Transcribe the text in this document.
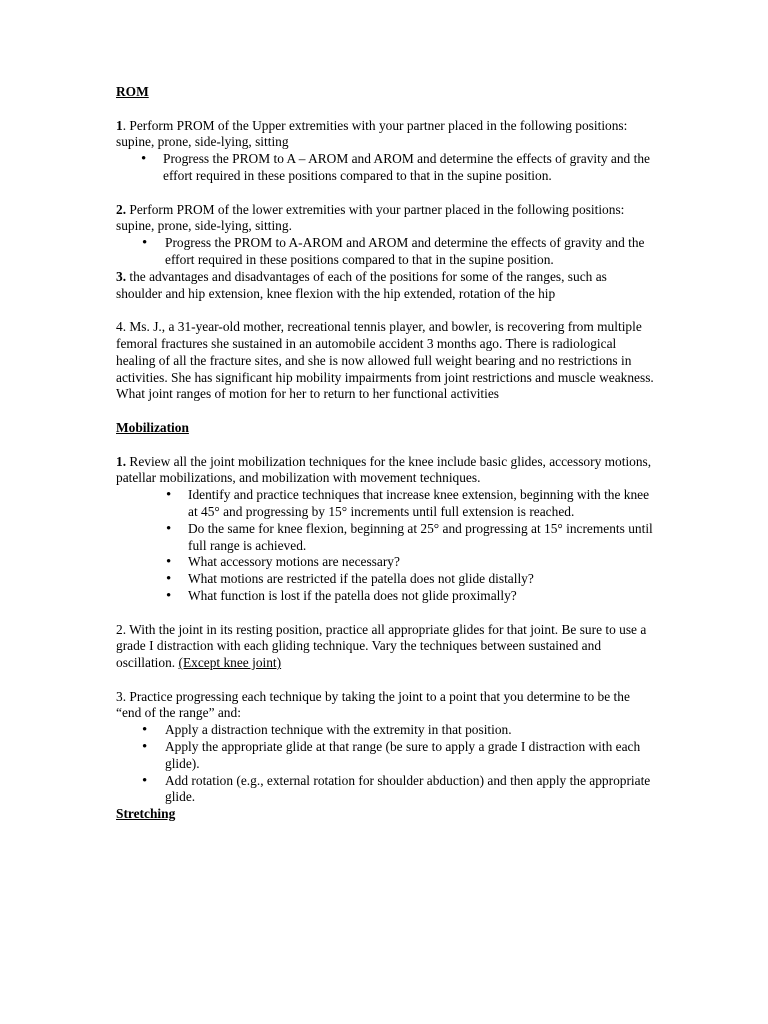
ROM

1. Perform PROM of the Upper extremities with your partner placed in the following positions: supine, prone, side-lying, sitting

• Progress the PROM to A – AROM and AROM and determine the effects of gravity and the effort required in these positions compared to that in the supine position.

2. Perform PROM of the lower extremities with your partner placed in the following positions: supine, prone, side-lying, sitting.

• Progress the PROM to A-AROM and AROM and determine the effects of gravity and the effort required in these positions compared to that in the supine position.

3. the advantages and disadvantages of each of the positions for some of the ranges, such as shoulder and hip extension, knee flexion with the hip extended, rotation of the hip

4. Ms. J., a 31-year-old mother, recreational tennis player, and bowler, is recovering from multiple femoral fractures she sustained in an automobile accident 3 months ago. There is radiological healing of all the fracture sites, and she is now allowed full weight bearing and no restrictions in activities. She has significant hip mobility impairments from joint restrictions and muscle weakness. What joint ranges of motion for her to return to her functional activities

Mobilization

1. Review all the joint mobilization techniques for the knee include basic glides, accessory motions, patellar mobilizations, and mobilization with movement techniques.

• Identify and practice techniques that increase knee extension, beginning with the knee at 45° and progressing by 15° increments until full extension is reached.
• Do the same for knee flexion, beginning at 25° and progressing at 15° increments until full range is achieved.
• What accessory motions are necessary?
• What motions are restricted if the patella does not glide distally?
• What function is lost if the patella does not glide proximally?

2. With the joint in its resting position, practice all appropriate glides for that joint. Be sure to use a grade I distraction with each gliding technique. Vary the techniques between sustained and oscillation. (Except knee joint)

3. Practice progressing each technique by taking the joint to a point that you determine to be the “end of the range” and:

• Apply a distraction technique with the extremity in that position.
• Apply the appropriate glide at that range (be sure to apply a grade I distraction with each glide).
• Add rotation (e.g., external rotation for shoulder abduction) and then apply the appropriate glide.

Stretching
